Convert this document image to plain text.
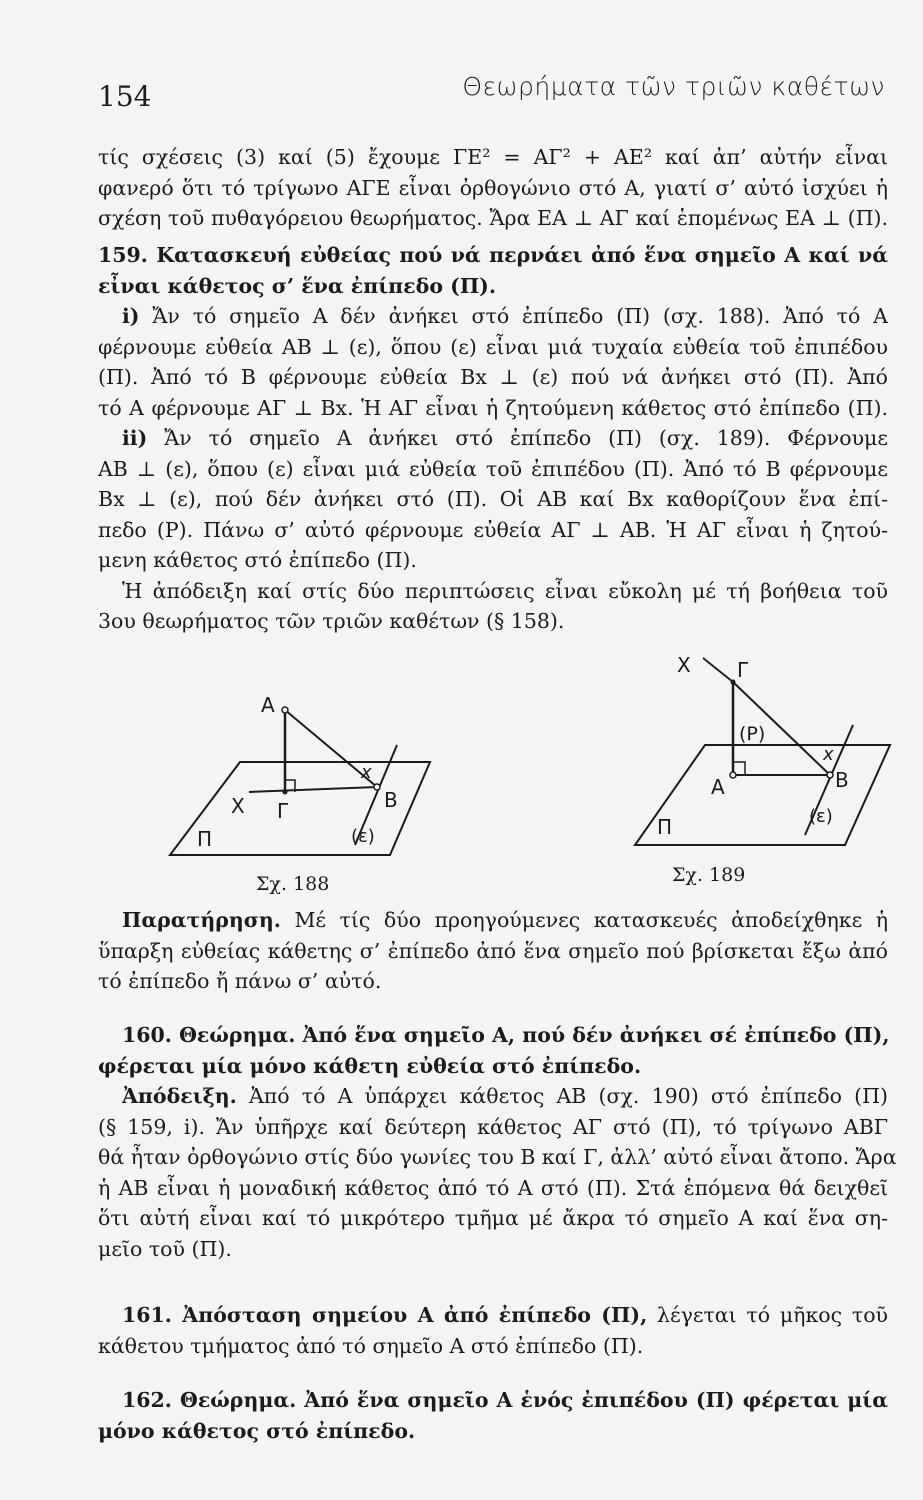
154	Θεωρήματα τῶν τριῶν καθέτων
τίς σχέσεις (3) καί (5) ἔχουμε ΓΕ² = ΑΓ² + ΑΕ² καί ἀπ’ αὐτήν εἶναι
φανερό ὅτι τό τρίγωνο ΑΓΕ εἶναι ὀρθογώνιο στό Α, γιατί σ’ αὐτό ἰσχύει ἡ
σχέση τοῦ πυθαγόρειου θεωρήματος. Ἄρα ΕΑ ⊥ ΑΓ καί ἑπομένως ΕΑ ⊥ (Π).
159. Κατασκευή εὐθείας πού νά περνάει ἀπό ἕνα σημεῖο Α καί νά
εἶναι κάθετος σ’ ἕνα ἐπίπεδο (Π).
i) Ἄν τό σημεῖο Α δέν ἀνήκει στό ἐπίπεδο (Π) (σχ. 188). Ἀπό τό Α
φέρνουμε εὐθεία ΑΒ ⊥ (ε), ὅπου (ε) εἶναι μιά τυχαία εὐθεία τοῦ ἐπιπέδου
(Π). Ἀπό τό Β φέρνουμε εὐθεία Βx ⊥ (ε) πού νά ἀνήκει στό (Π). Ἀπό
τό Α φέρνουμε ΑΓ ⊥ Βx. Ἡ ΑΓ εἶναι ἡ ζητούμενη κάθετος στό ἐπίπεδο (Π).
ii) Ἄν τό σημεῖο Α ἀνήκει στό ἐπίπεδο (Π) (σχ. 189). Φέρνουμε
ΑΒ ⊥ (ε), ὅπου (ε) εἶναι μιά εὐθεία τοῦ ἐπιπέδου (Π). Ἀπό τό Β φέρνουμε
Βx ⊥ (ε), πού δέν ἀνήκει στό (Π). Οἱ ΑΒ καί Βx καθορίζουν ἕνα ἐπί-
πεδο (Ρ). Πάνω σ’ αὐτό φέρνουμε εὐθεία ΑΓ ⊥ ΑΒ. Ἡ ΑΓ εἶναι ἡ ζητού-
μενη κάθετος στό ἐπίπεδο (Π).
Ἡ ἀπόδειξη καί στίς δύο περιπτώσεις εἶναι εὔκολη μέ τή βοήθεια τοῦ
3ου θεωρήματος τῶν τριῶν καθέτων (§ 158).
A
B
Γ
X
x
Π	(ε)
Σχ. 188
X Γ
(Ρ)
A	B
x
Π	(ε)
Σχ. 189
Παρατήρηση. Μέ τίς δύο προηγούμενες κατασκευές ἀποδείχθηκε ἡ
ὕπαρξη εὐθείας κάθετης σ’ ἐπίπεδο ἀπό ἕνα σημεῖο πού βρίσκεται ἔξω ἀπό
τό ἐπίπεδο ἤ πάνω σ’ αὐτό.
160. Θεώρημα. Ἀπό ἕνα σημεῖο Α, πού δέν ἀνήκει σέ ἐπίπεδο (Π),
φέρεται μία μόνο κάθετη εὐθεία στό ἐπίπεδο.
Ἀπόδειξη. Ἀπό τό Α ὑπάρχει κάθετος ΑΒ (σχ. 190) στό ἐπίπεδο (Π)
(§ 159, i). Ἄν ὑπῆρχε καί δεύτερη κάθετος ΑΓ στό (Π), τό τρίγωνο ΑΒΓ
θά ἦταν ὀρθογώνιο στίς δύο γωνίες του Β καί Γ, ἀλλ’ αὐτό εἶναι ἄτοπο. Ἄρα
ἡ ΑΒ εἶναι ἡ μοναδική κάθετος ἀπό τό Α στό (Π). Στά ἑπόμενα θά δειχθεῖ
ὅτι αὐτή εἶναι καί τό μικρότερο τμῆμα μέ ἄκρα τό σημεῖο Α καί ἕνα ση-
μεῖο τοῦ (Π).
161. Ἀπόσταση σημείου Α ἀπό ἐπίπεδο (Π), λέγεται τό μῆκος τοῦ
κάθετου τμήματος ἀπό τό σημεῖο Α στό ἐπίπεδο (Π).
162. Θεώρημα. Ἀπό ἕνα σημεῖο Α ἑνός ἐπιπέδου (Π) φέρεται μία
μόνο κάθετος στό ἐπίπεδο.
